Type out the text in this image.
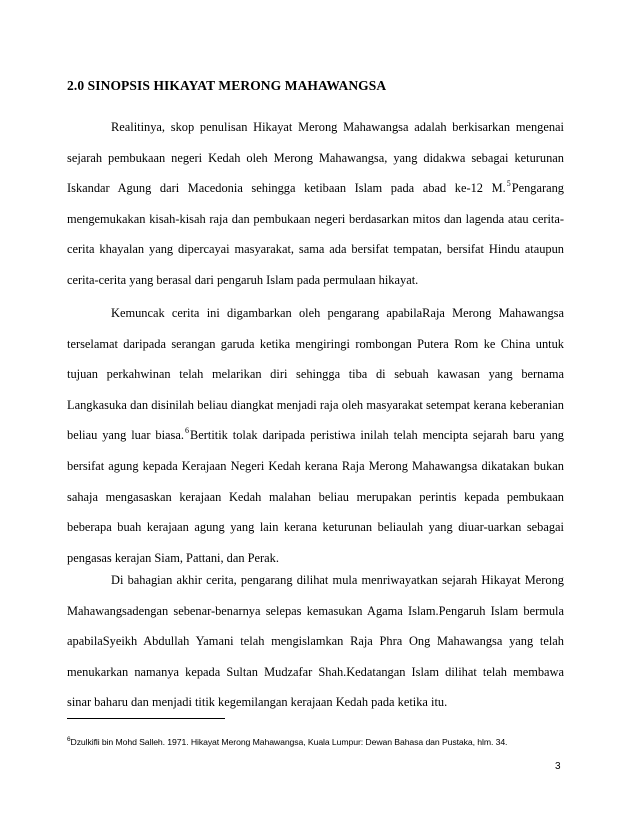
2.0 SINOPSIS HIKAYAT MERONG MAHAWANGSA

Realitinya, skop penulisan Hikayat Merong Mahawangsa adalah berkisarkan mengenai sejarah pembukaan negeri Kedah oleh Merong Mahawangsa, yang didakwa sebagai keturunan Iskandar Agung dari Macedonia sehingga ketibaan Islam pada abad ke-12 M.$^5$Pengarang mengemukakan kisah-kisah raja dan pembukaan negeri berdasarkan mitos dan lagenda atau cerita-cerita khayalan yang dipercayai masyarakat, sama ada bersifat tempatan, bersifat Hindu ataupun cerita-cerita yang berasal dari pengaruh Islam pada permulaan hikayat.

Kemuncak cerita ini digambarkan oleh pengarang apabilaRaja Merong Mahawangsa terselamat daripada serangan garuda ketika mengiringi rombongan Putera Rom ke China untuk tujuan perkahwinan telah melarikan diri sehingga tiba di sebuah kawasan yang bernama Langkasuka dan disinilah beliau diangkat menjadi raja oleh masyarakat setempat kerana keberanian beliau yang luar biasa.$^6$Bertitik tolak daripada peristiwa inilah telah mencipta sejarah baru yang bersifat agung kepada Kerajaan Negeri Kedah kerana Raja Merong Mahawangsa dikatakan bukan sahaja mengasaskan kerajaan Kedah malahan beliau merupakan perintis kepada pembukaan beberapa buah kerajaan agung yang lain kerana keturunan beliaulah yang diuar-uarkan sebagai pengasas kerajan Siam, Pattani, dan Perak.

Di bahagian akhir cerita, pengarang dilihat mula menriwayatkan sejarah Hikayat Merong Mahawangsadengan sebenar-benarnya selepas kemasukan Agama Islam.Pengaruh Islam bermula apabilaSyeikh Abdullah Yamani telah mengislamkan Raja Phra Ong Mahawangsa yang telah menukarkan namanya kepada Sultan Mudzafar Shah.Kedatangan Islam dilihat telah membawa sinar baharu dan menjadi titik kegemilangan kerajaan Kedah pada ketika itu.

$^6$Dzulkifli bin Mohd Salleh. 1971. Hikayat Merong Mahawangsa, Kuala Lumpur: Dewan Bahasa dan Pustaka, hlm. 34.
3
